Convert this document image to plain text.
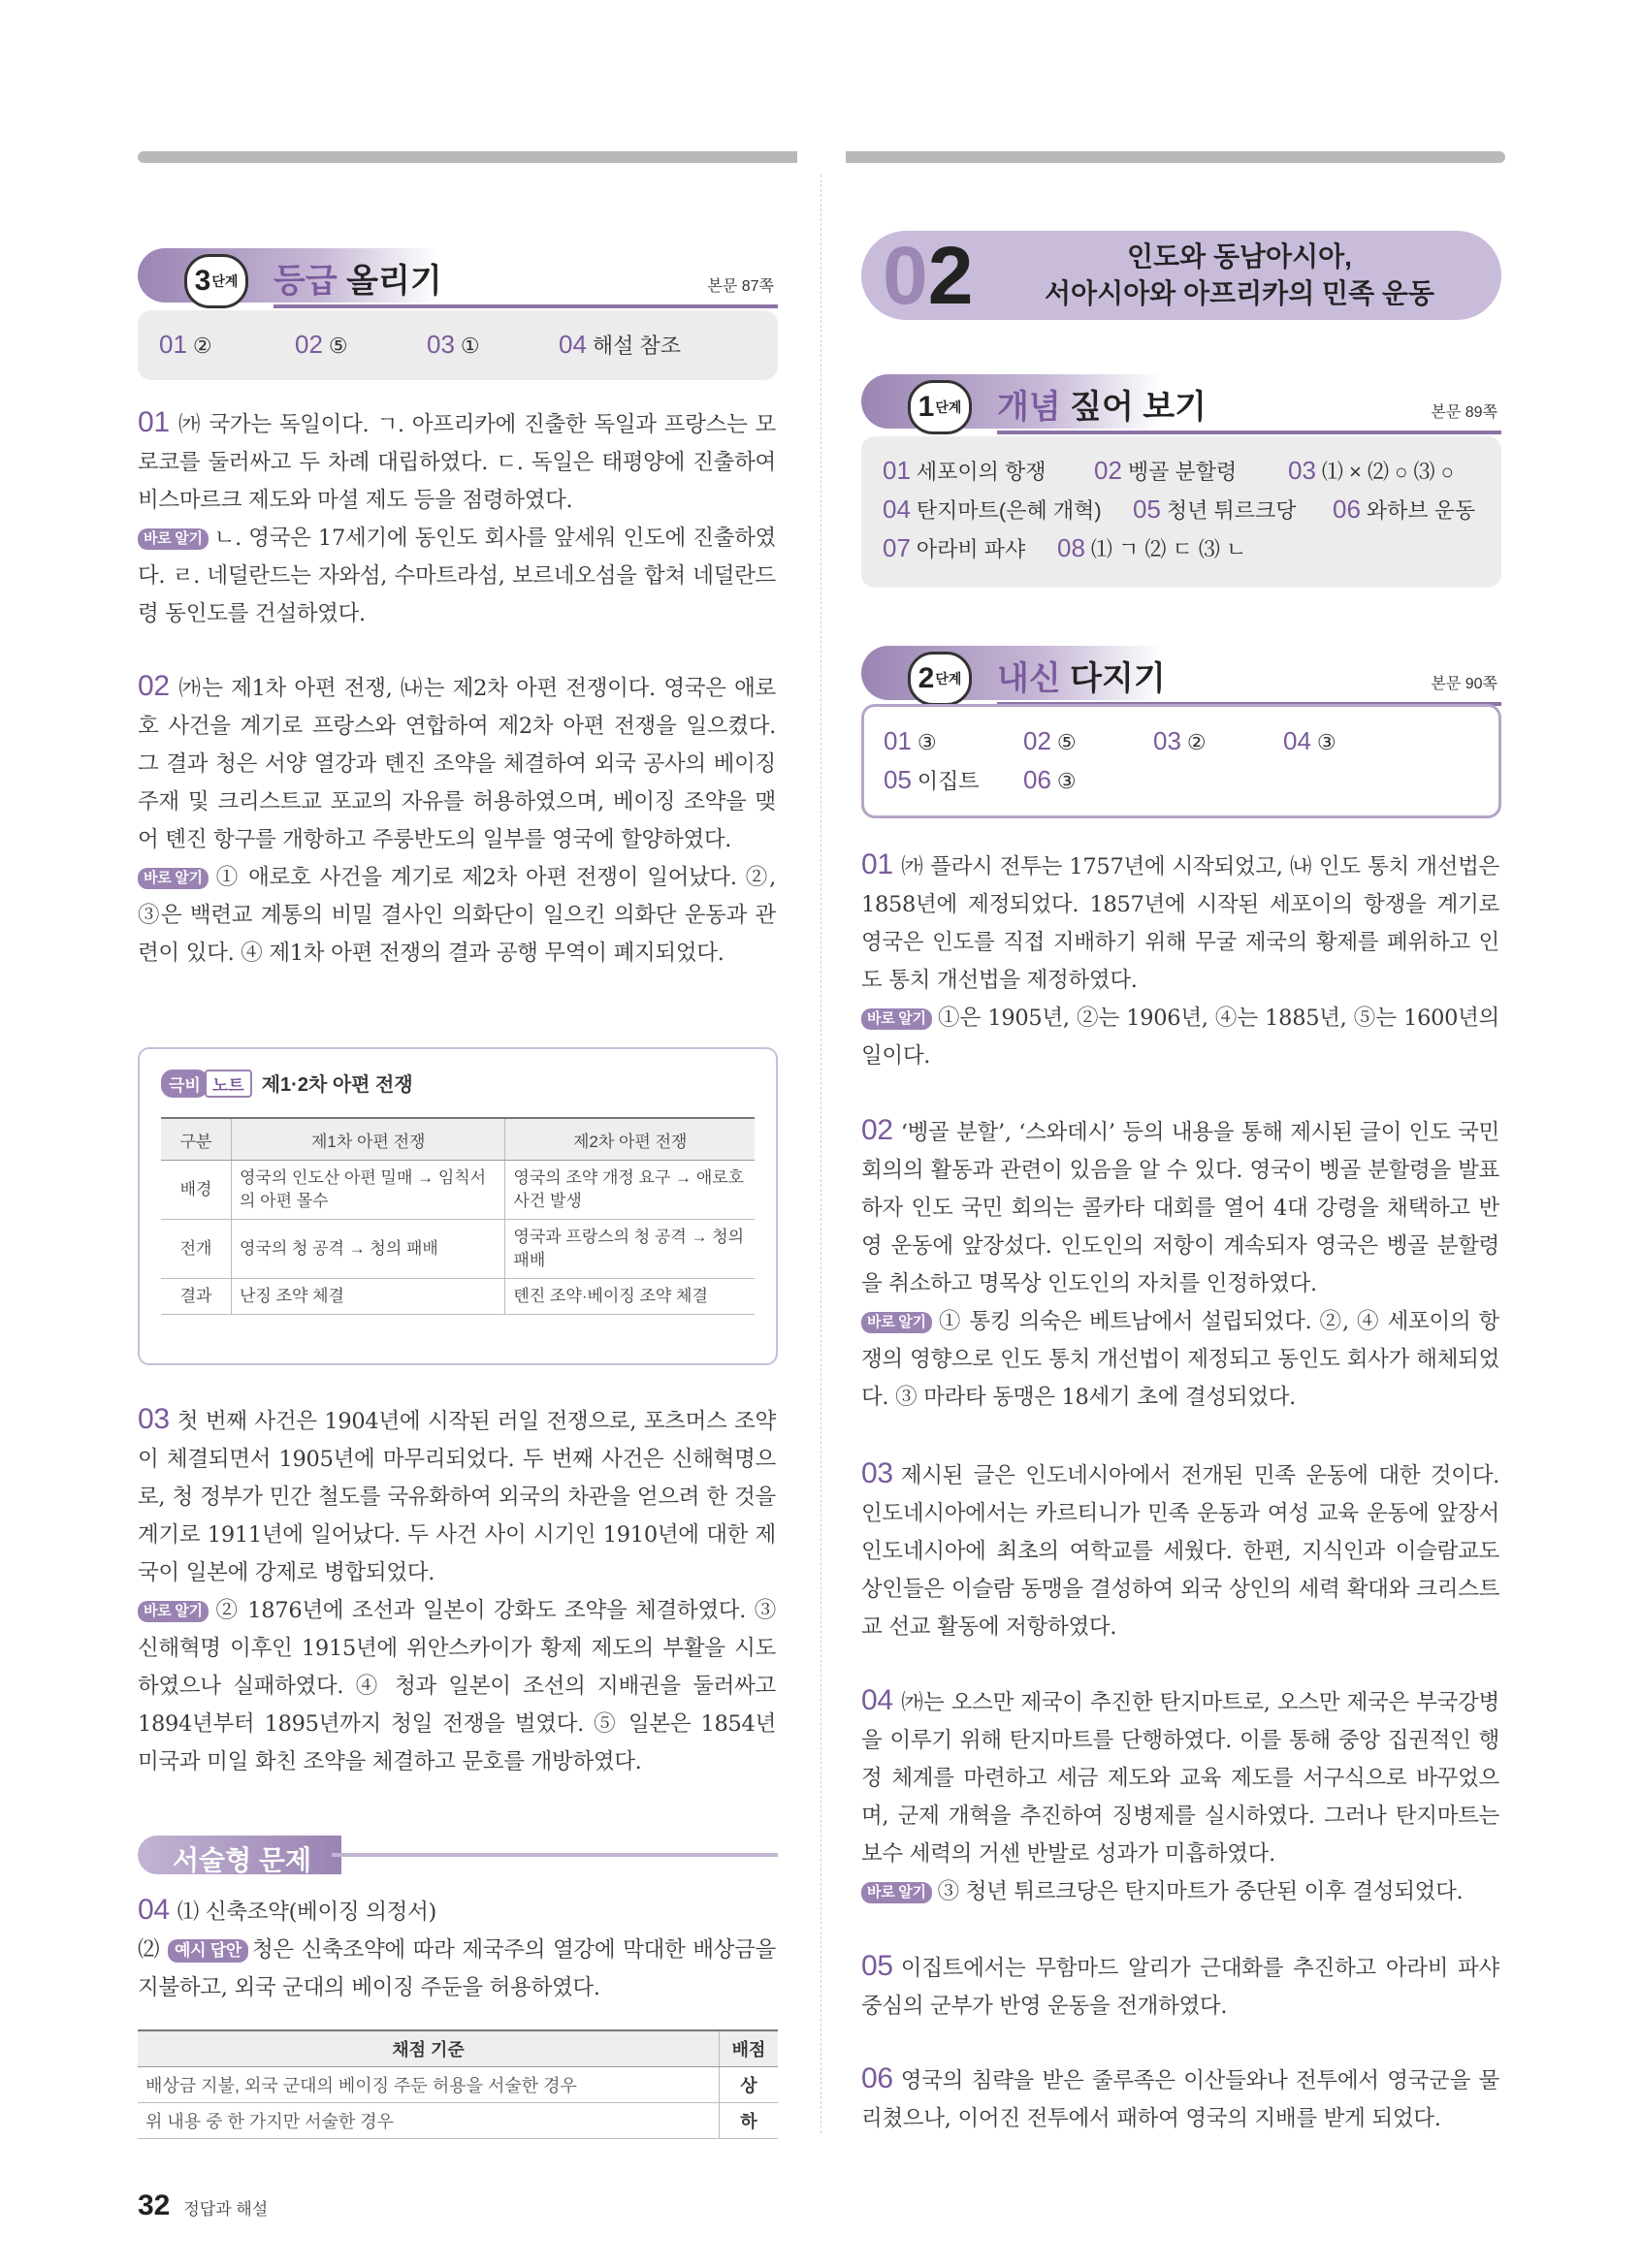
3 단계 등급 올리기	본문 87쪽
01 ②	02 ⑤	03 ①	04 해설 참조
01 ㈎ 국가는 독일이다. ㄱ. 아프리카에 진출한 독일과 프랑스는 모로코를 둘러싸고 두 차례 대립하였다. ㄷ. 독일은 태평양에 진출하여 비스마르크 제도와 마셜 제도 등을 점령하였다.
바로 알기 ㄴ. 영국은 17세기에 동인도 회사를 앞세워 인도에 진출하였다. ㄹ. 네덜란드는 자와섬, 수마트라섬, 보르네오섬을 합쳐 네덜란드령 동인도를 건설하였다.
02 ㈎는 제1차 아편 전쟁, ㈏는 제2차 아편 전쟁이다. 영국은 애로호 사건을 계기로 프랑스와 연합하여 제2차 아편 전쟁을 일으켰다. 그 결과 청은 서양 열강과 톈진 조약을 체결하여 외국 공사의 베이징 주재 및 크리스트교 포교의 자유를 허용하였으며, 베이징 조약을 맺어 톈진 항구를 개항하고 주룽반도의 일부를 영국에 할양하였다.
바로 알기 ① 애로호 사건을 계기로 제2차 아편 전쟁이 일어났다. ②, ③은 백련교 계통의 비밀 결사인 의화단이 일으킨 의화단 운동과 관련이 있다. ④ 제1차 아편 전쟁의 결과 공행 무역이 폐지되었다.
극비 노트 제1·2차 아편 전쟁
구분	제1차 아편 전쟁	제2차 아편 전쟁
배경	영국의 인도산 아편 밀매 → 임칙서의 아편 몰수	영국의 조약 개정 요구 → 애로호 사건 발생
전개	영국의 청 공격 → 청의 패배	영국과 프랑스의 청 공격 → 청의 패배
결과	난징 조약 체결	톈진 조약·베이징 조약 체결
03 첫 번째 사건은 1904년에 시작된 러일 전쟁으로, 포츠머스 조약이 체결되면서 1905년에 마무리되었다. 두 번째 사건은 신해혁명으로, 청 정부가 민간 철도를 국유화하여 외국의 차관을 얻으려 한 것을 계기로 1911년에 일어났다. 두 사건 사이 시기인 1910년에 대한 제국이 일본에 강제로 병합되었다.
바로 알기 ② 1876년에 조선과 일본이 강화도 조약을 체결하였다. ③ 신해혁명 이후인 1915년에 위안스카이가 황제 제도의 부활을 시도하였으나 실패하였다. ④ 청과 일본이 조선의 지배권을 둘러싸고 1894년부터 1895년까지 청일 전쟁을 벌였다. ⑤ 일본은 1854년 미국과 미일 화친 조약을 체결하고 문호를 개방하였다.
서술형 문제
04 ⑴ 신축조약(베이징 의정서)
⑵ 예시 답안 청은 신축조약에 따라 제국주의 열강에 막대한 배상금을 지불하고, 외국 군대의 베이징 주둔을 허용하였다.
채점 기준	배점
배상금 지불, 외국 군대의 베이징 주둔 허용을 서술한 경우	상
위 내용 중 한 가지만 서술한 경우	하
32 정답과 해설
02	인도와 동남아시아,
서아시아와 아프리카의 민족 운동
1 단계 개념 짚어 보기	본문 89쪽
01 세포이의 항쟁 02 벵골 분할령 03 ⑴ × ⑵ ○ ⑶ ○
04 탄지마트(은혜 개혁) 05 청년 튀르크당 06 와하브 운동
07 아라비 파샤 08 ⑴ ㄱ ⑵ ㄷ ⑶ ㄴ
2 단계 내신 다지기	본문 90쪽
01 ③	02 ⑤	03 ②	04 ③
05 이집트 06 ③
01 ㈎ 플라시 전투는 1757년에 시작되었고, ㈏ 인도 통치 개선법은 1858년에 제정되었다. 1857년에 시작된 세포이의 항쟁을 계기로 영국은 인도를 직접 지배하기 위해 무굴 제국의 황제를 폐위하고 인도 통치 개선법을 제정하였다.
바로 알기 ①은 1905년, ②는 1906년, ④는 1885년, ⑤는 1600년의 일이다.
02 ‘벵골 분할’, ‘스와데시’ 등의 내용을 통해 제시된 글이 인도 국민 회의의 활동과 관련이 있음을 알 수 있다. 영국이 벵골 분할령을 발표하자 인도 국민 회의는 콜카타 대회를 열어 4대 강령을 채택하고 반영 운동에 앞장섰다. 인도인의 저항이 계속되자 영국은 벵골 분할령을 취소하고 명목상 인도인의 자치를 인정하였다.
바로 알기 ① 통킹 의숙은 베트남에서 설립되었다. ②, ④ 세포이의 항쟁의 영향으로 인도 통치 개선법이 제정되고 동인도 회사가 해체되었다. ③ 마라타 동맹은 18세기 초에 결성되었다.
03 제시된 글은 인도네시아에서 전개된 민족 운동에 대한 것이다. 인도네시아에서는 카르티니가 민족 운동과 여성 교육 운동에 앞장서 인도네시아에 최초의 여학교를 세웠다. 한편, 지식인과 이슬람교도 상인들은 이슬람 동맹을 결성하여 외국 상인의 세력 확대와 크리스트교 선교 활동에 저항하였다.
04 ㈎는 오스만 제국이 추진한 탄지마트로, 오스만 제국은 부국강병을 이루기 위해 탄지마트를 단행하였다. 이를 통해 중앙 집권적인 행정 체계를 마련하고 세금 제도와 교육 제도를 서구식으로 바꾸었으며, 군제 개혁을 추진하여 징병제를 실시하였다. 그러나 탄지마트는 보수 세력의 거센 반발로 성과가 미흡하였다.
바로 알기 ③ 청년 튀르크당은 탄지마트가 중단된 이후 결성되었다.
05 이집트에서는 무함마드 알리가 근대화를 추진하고 아라비 파샤 중심의 군부가 반영 운동을 전개하였다.
06 영국의 침략을 받은 줄루족은 이산들와나 전투에서 영국군을 물리쳤으나, 이어진 전투에서 패하여 영국의 지배를 받게 되었다.
